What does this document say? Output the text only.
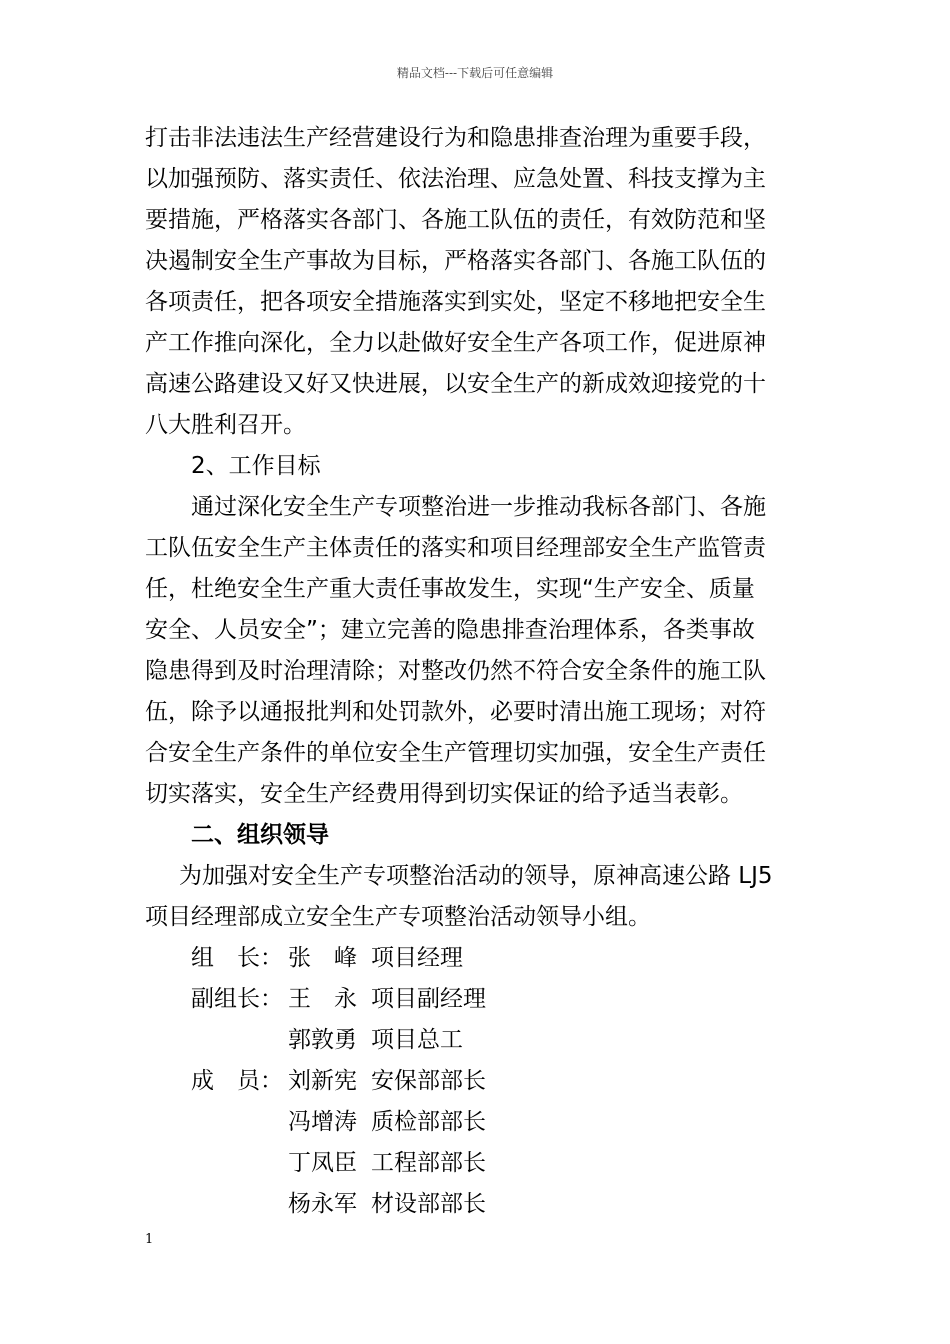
精品文档---下载后可任意编辑
打击非法违法生产经营建设行为和隐患排查治理为重要手段，
以加强预防、落实责任、依法治理、应急处置、科技支撑为主
要措施，严格落实各部门、各施工队伍的责任，有效防范和坚
决遏制安全生产事故为目标，严格落实各部门、各施工队伍的
各项责任，把各项安全措施落实到实处，坚定不移地把安全生
产工作推向深化，全力以赴做好安全生产各项工作，促进原神
高速公路建设又好又快进展，以安全生产的新成效迎接党的十
八大胜利召开。
2、工作目标
通过深化安全生产专项整治进一步推动我标各部门、各施
工队伍安全生产主体责任的落实和项目经理部安全生产监管责
任，杜绝安全生产重大责任事故发生，实现“生产安全、质量
安全、人员安全”；建立完善的隐患排查治理体系，各类事故
隐患得到及时治理清除；对整改仍然不符合安全条件的施工队
伍，除予以通报批判和处罚款外，必要时清出施工现场；对符
合安全生产条件的单位安全生产管理切实加强，安全生产责任
切实落实，安全生产经费用得到切实保证的给予适当表彰。
二、组织领导
为加强对安全生产专项整治活动的领导，原神高速公路 LJ5
项目经理部成立安全生产专项整治活动领导小组。
组　长： 张　峰 项目经理
副组长： 王　永 项目副经理
郭敦勇 项目总工
成　员： 刘新宪 安保部部长
冯增涛 质检部部长
丁凤臣 工程部部长
杨永军 材设部部长
1
